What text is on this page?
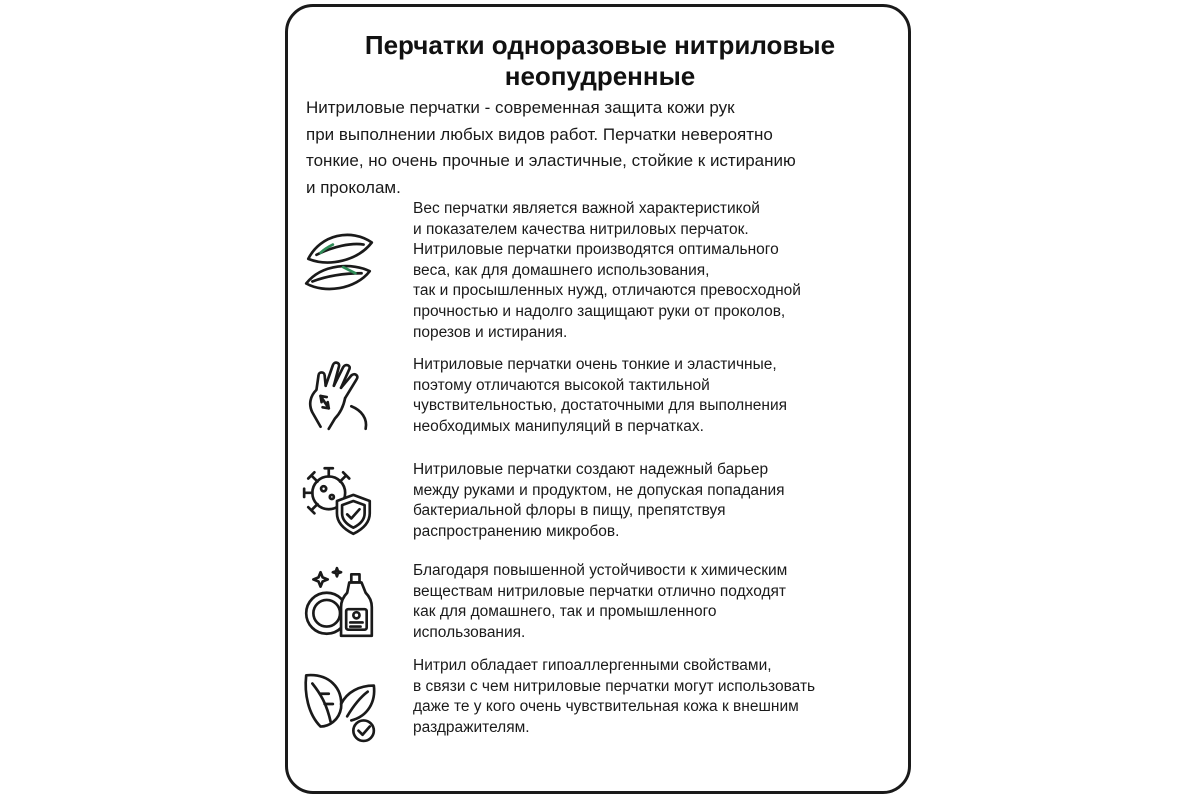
Перчатки одноразовые нитриловые
неопудренные

Нитриловые перчатки - современная защита кожи рук
при выполнении любых видов работ. Перчатки невероятно
тонкие, но очень прочные и эластичные, стойкие к истиранию
и проколам.

Вес перчатки является важной характеристикой
и показателем качества нитриловых перчаток.
Нитриловые перчатки производятся оптимального
веса, как для домашнего использования,
так и просышленных нужд, отличаются превосходной
прочностью и надолго защищают руки от проколов,
порезов и истирания.

Нитриловые перчатки очень тонкие и эластичные,
поэтому отличаются высокой тактильной
чувствительностью, достаточными для выполнения
необходимых манипуляций в перчатках.

Нитриловые перчатки создают надежный барьер
между руками и продуктом, не допуская попадания
бактериальной флоры в пищу, препятствуя
распространению микробов.

Благодаря повышенной устойчивости к химическим
веществам нитриловые перчатки отлично подходят
как для домашнего, так и промышленного
использования.

Нитрил обладает гипоаллергенными свойствами,
в связи с чем нитриловые перчатки могут использовать
даже те у кого очень чувствительная кожа к внешним
раздражителям.
